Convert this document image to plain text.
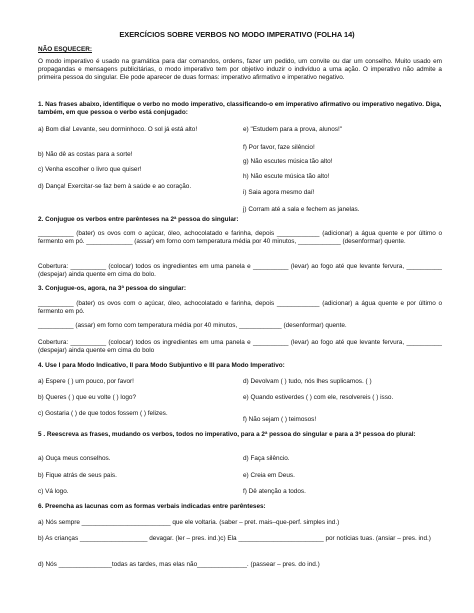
EXERCÍCIOS SOBRE VERBOS NO MODO IMPERATIVO (FOLHA 14)
NÃO ESQUECER:
O modo imperativo é usado na gramática para dar comandos, ordens, fazer um pedido, um convite ou dar um conselho. Muito usado em propagandas e mensagens publicitárias, o modo imperativo tem por objetivo induzir o indivíduo a uma ação. O imperativo não admite a primeira pessoa do singular. Ele pode aparecer de duas formas: imperativo afirmativo e imperativo negativo.
1. Nas frases abaixo, identifique o verbo no modo imperativo, classificando-o em imperativo afirmativo ou imperativo negativo. Diga, também, em que pessoa o verbo está conjugado:
a) Bom dia! Levante, seu dorminhoco. O sol já está alto!
b) Não dê as costas para a sorte!
c) Venha escolher o livro que quiser!
d) Dança! Exercitar-se faz bem à saúde e ao coração.
e) "Estudem para a prova, alunos!"
f) Por favor, faze silêncio!
g) Não escutes música tão alto!
h) Não escute música tão alto!
i) Saia agora mesmo daí!
j) Corram até a sala e fechem as janelas.
2. Conjugue os verbos entre parênteses na 2ª pessoa do singular:
__________ (bater) os ovos com o açúcar, óleo, achocolatado e farinha, depois ____________ (adicionar) a água quente e por último o fermento em pó. _____________ (assar) em forno com temperatura média por 40 minutos, ____________ (desenformar) quente.
Cobertura: __________ (colocar) todos os ingredientes em uma panela e __________ (levar) ao fogo até que levante fervura, __________ (despejar) ainda quente em cima do bolo.
3. Conjugue-os, agora, na 3ª pessoa do singular:
__________ (bater) os ovos com o açúcar, óleo, achocolatado e farinha, depois ____________ (adicionar) a água quente e por último o fermento em pó.
__________ (assar) em forno com temperatura média por 40 minutos, ____________ (desenformar) quente.
Cobertura: __________ (colocar) todos os ingredientes em uma panela e __________ (levar) ao fogo até que levante fervura, __________ (despejar) ainda quente em cima do bolo
4. Use I para Modo Indicativo, II para Modo Subjuntivo e III para Modo Imperativo:
a) Espere ( ) um pouco, por favor!
b) Queres ( ) que eu volte ( ) logo?
c) Gostaria ( ) de que todos fossem ( ) felizes.
d) Devolvam ( ) tudo, nós lhes suplicamos. ( )
e) Quando estiverdes ( ) com ele, resolvereis ( ) isso.
f) Não sejam ( ) teimosos!
5 . Reescreva as frases, mudando os verbos, todos no imperativo, para a 2ª pessoa do singular e para a 3ª pessoa do plural:
a) Ouça meus conselhos.
b) Fique atrás de seus pais.
c) Vá logo.
d) Faça silêncio.
e) Creia em Deus.
f) Dê atenção a todos.
6. Preencha as lacunas com as formas verbais indicadas entre parênteses:
a) Nós sempre _________________________ que ele voltaria. (saber – pret. mais–que-perf. simples ind.)
b) As crianças ___________________ devagar. (ler – pres. ind.)c) Ela ________________________ por notícias tuas. (ansiar – pres. ind.)
d) Nós _______________todas as tardes, mas elas não______________. (passear – pres. do ind.)
